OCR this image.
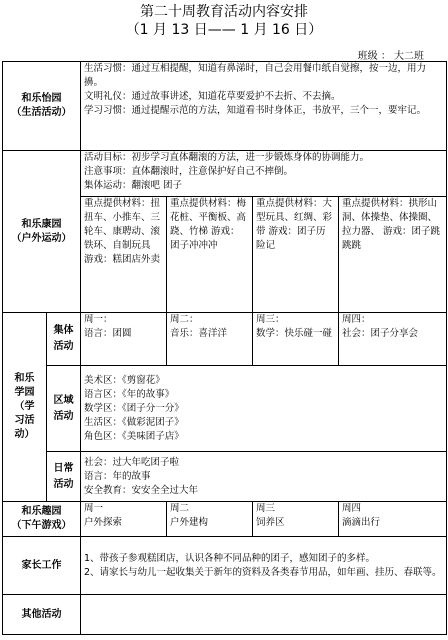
第二十周教育活动内容安排
（1 月 13 日—— 1 月 16 日）
班级 ： 大二班
和乐怡园
（生活活动）		生活习惯：通过互相提醒，知道有鼻涕时，自己会用餐巾纸自觉擦，按一边，用力擤。
文明礼仪：通过故事讲述，知道花草要爱护不去折、不去摘。
学习习惯：通过提醒示范的方法，知道看书时身体正，书放平，三个一，要牢记。			

和乐康园
（户外运动）		活动目标：初步学习直体翻滚的方法，进一步锻炼身体的协调能力。
注意事项：直体翻滚时，注意保护好自己不摔倒。
集体运动：翻滚吧 团子			

		重点提供材料：扭扭车、小推车、三轮车、康聘动、滚铁环、自制玩具 游戏：糕团店外卖	重点提供材料：梅花桩、平衡板、高跷、竹梯 游戏：团子冲冲冲	重点提供材料：大型玩具、红绸、彩带 游戏：团子历险记	重点提供材料：拱形山洞、体操垫、体操圈、拉力器、 游戏：团子跳跳跳

和乐
学园
（学
习活
动）	集体
活动	周一：
语言：团圆	周二：
音乐：喜洋洋	周三：
数学：快乐碰一碰	周四：
社会：团子分享会

	区域
活动	美术区：《剪窗花》
语言区：《年的故事》
数学区：《团子分一分》
生活区：《做彩泥团子》
角色区：《美味团子店》			

	日常
活动	社会：过大年吃团子啦
语言：年的故事
安全教育：安安全全过大年			

和乐趣园
（下午游戏）		周一
户外探索	周二
户外建构	周三
饲养区	周四
滴滴出行

家长工作		1、带孩子参观糕团店，认识各种不同品种的团子，感知团子的多样。
2、请家长与幼儿一起收集关于新年的资料及各类春节用品，如年画、挂历、春联等。			

其他活动					
